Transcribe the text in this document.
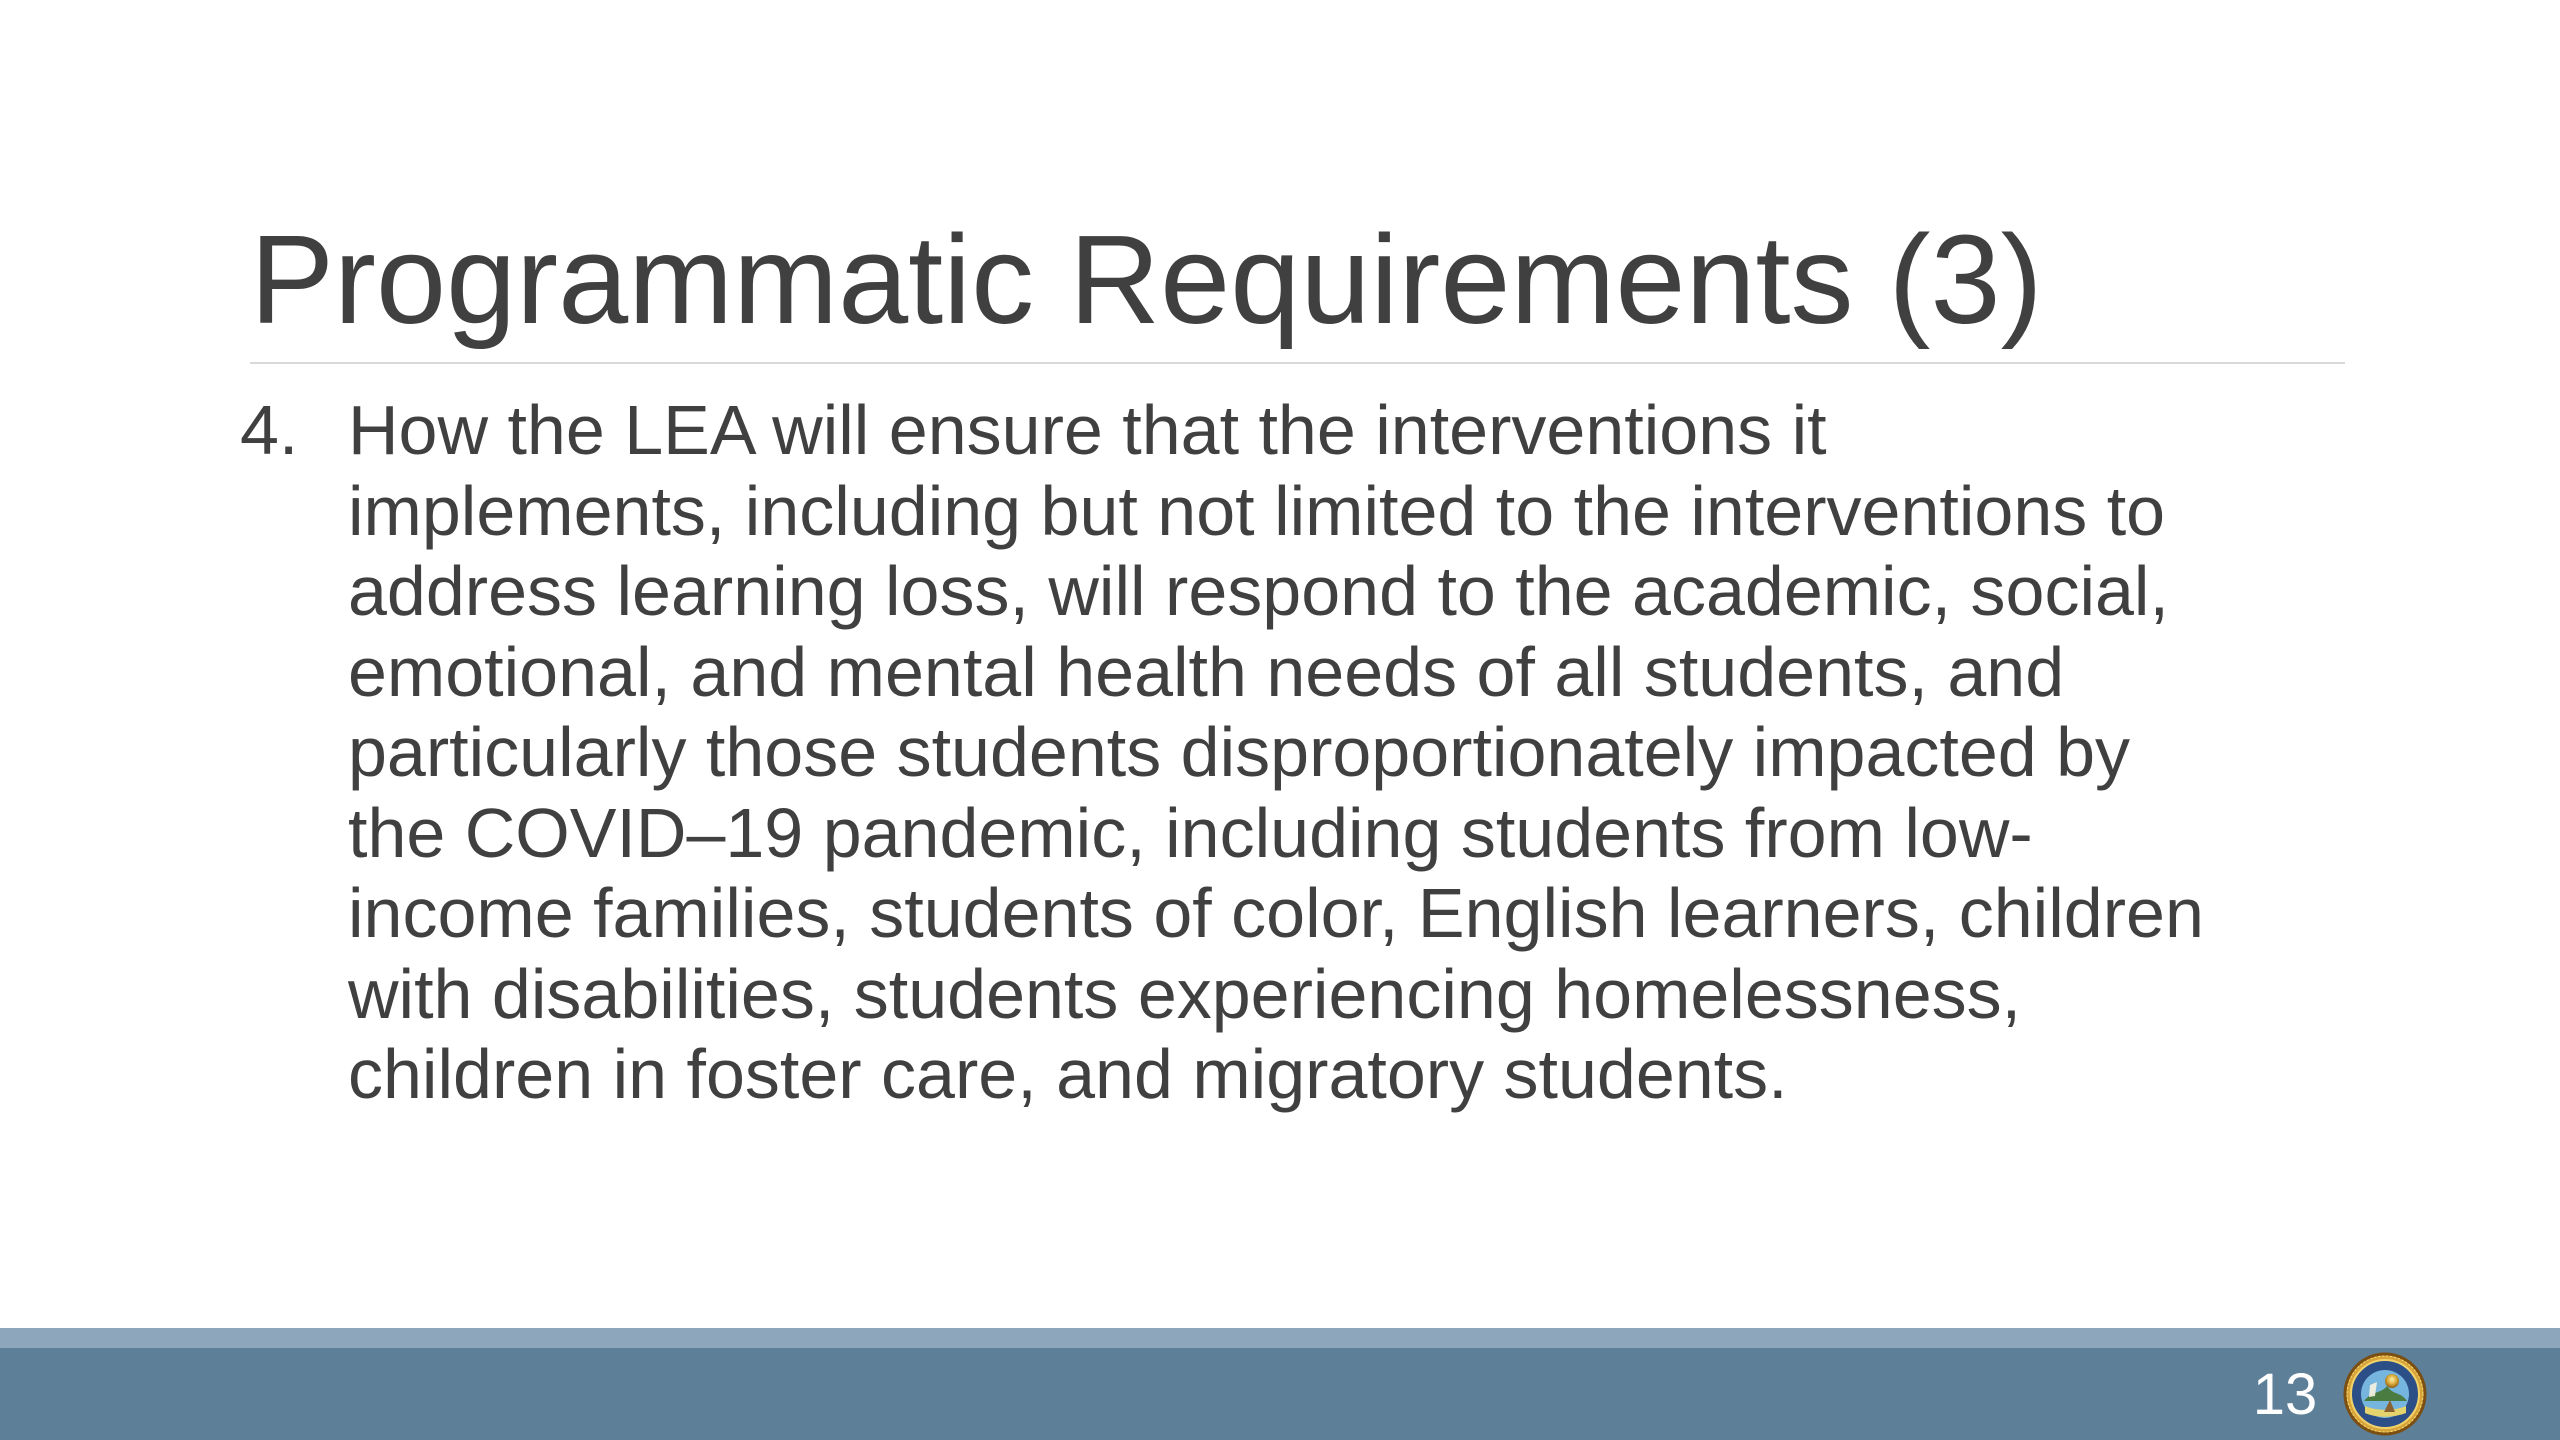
Programmatic Requirements (3)
4. How the LEA will ensure that the interventions it
implements, including but not limited to the interventions to
address learning loss, will respond to the academic, social,
emotional, and mental health needs of all students, and
particularly those students disproportionately impacted by
the COVID–19 pandemic, including students from low-
income families, students of color, English learners, children
with disabilities, students experiencing homelessness,
children in foster care, and migratory students.
13
